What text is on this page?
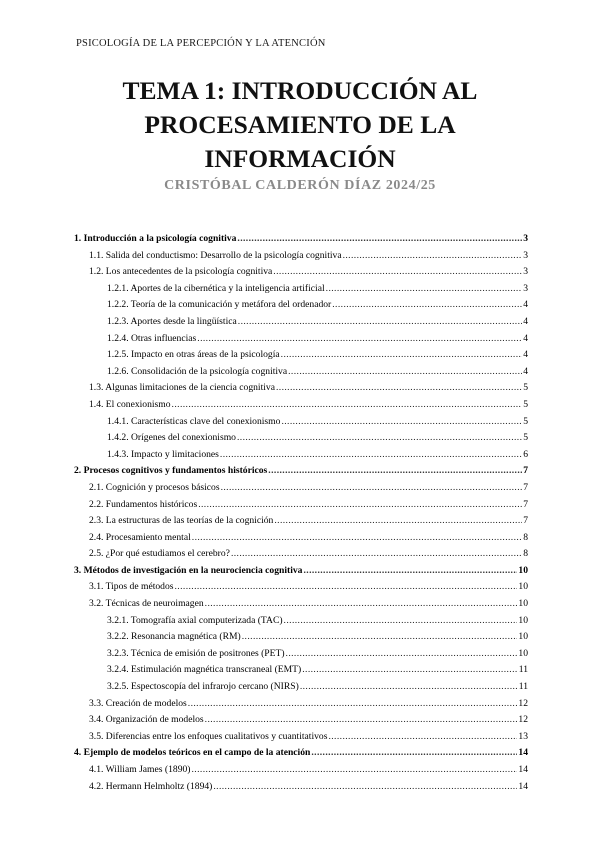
PSICOLOGÍA DE LA PERCEPCIÓN Y LA ATENCIÓN
TEMA 1: INTRODUCCIÓN AL
PROCESAMIENTO DE LA
INFORMACIÓN
CRISTÓBAL CALDERÓN DÍAZ 2024/25
1. Introducción a la psicología cognitiva .....	3
1.1. Salida del conductismo: Desarrollo de la psicología cognitiva .....	3
1.2. Los antecedentes de la psicología cognitiva .....	3
1.2.1. Aportes de la cibernética y la inteligencia artificial .....	3
1.2.2. Teoría de la comunicación y metáfora del ordenador .....	4
1.2.3. Aportes desde la lingüística .....	4
1.2.4. Otras influencias .....	4
1.2.5. Impacto en otras áreas de la psicología .....	4
1.2.6. Consolidación de la psicología cognitiva .....	4
1.3. Algunas limitaciones de la ciencia cognitiva .....	5
1.4. El conexionismo .....	5
1.4.1. Características clave del conexionismo .....	5
1.4.2. Orígenes del conexionismo .....	5
1.4.3. Impacto y limitaciones .....	6
2. Procesos cognitivos y fundamentos históricos .....	7
2.1. Cognición y procesos básicos .....	7
2.2. Fundamentos históricos .....	7
2.3. La estructuras de las teorías de la cognición .....	7
2.4. Procesamiento mental .....	8
2.5. ¿Por qué estudiamos el cerebro? .....	8
3. Métodos de investigación en la neurociencia cognitiva .....	10
3.1. Tipos de métodos .....	10
3.2. Técnicas de neuroimagen .....	10
3.2.1. Tomografía axial computerizada (TAC) .....	10
3.2.2. Resonancia magnética (RM) .....	10
3.2.3. Técnica de emisión de positrones (PET) .....	10
3.2.4. Estimulación magnética transcraneal (EMT) .....	11
3.2.5. Espectoscopía del infrarojo cercano (NIRS) .....	11
3.3. Creación de modelos .....	12
3.4. Organización de modelos .....	12
3.5. Diferencias entre los enfoques cualitativos y cuantitativos .....	13
4. Ejemplo de modelos teóricos en el campo de la atención .....	14
4.1. William James (1890) .....	14
4.2. Hermann Helmholtz (1894) .....	14
